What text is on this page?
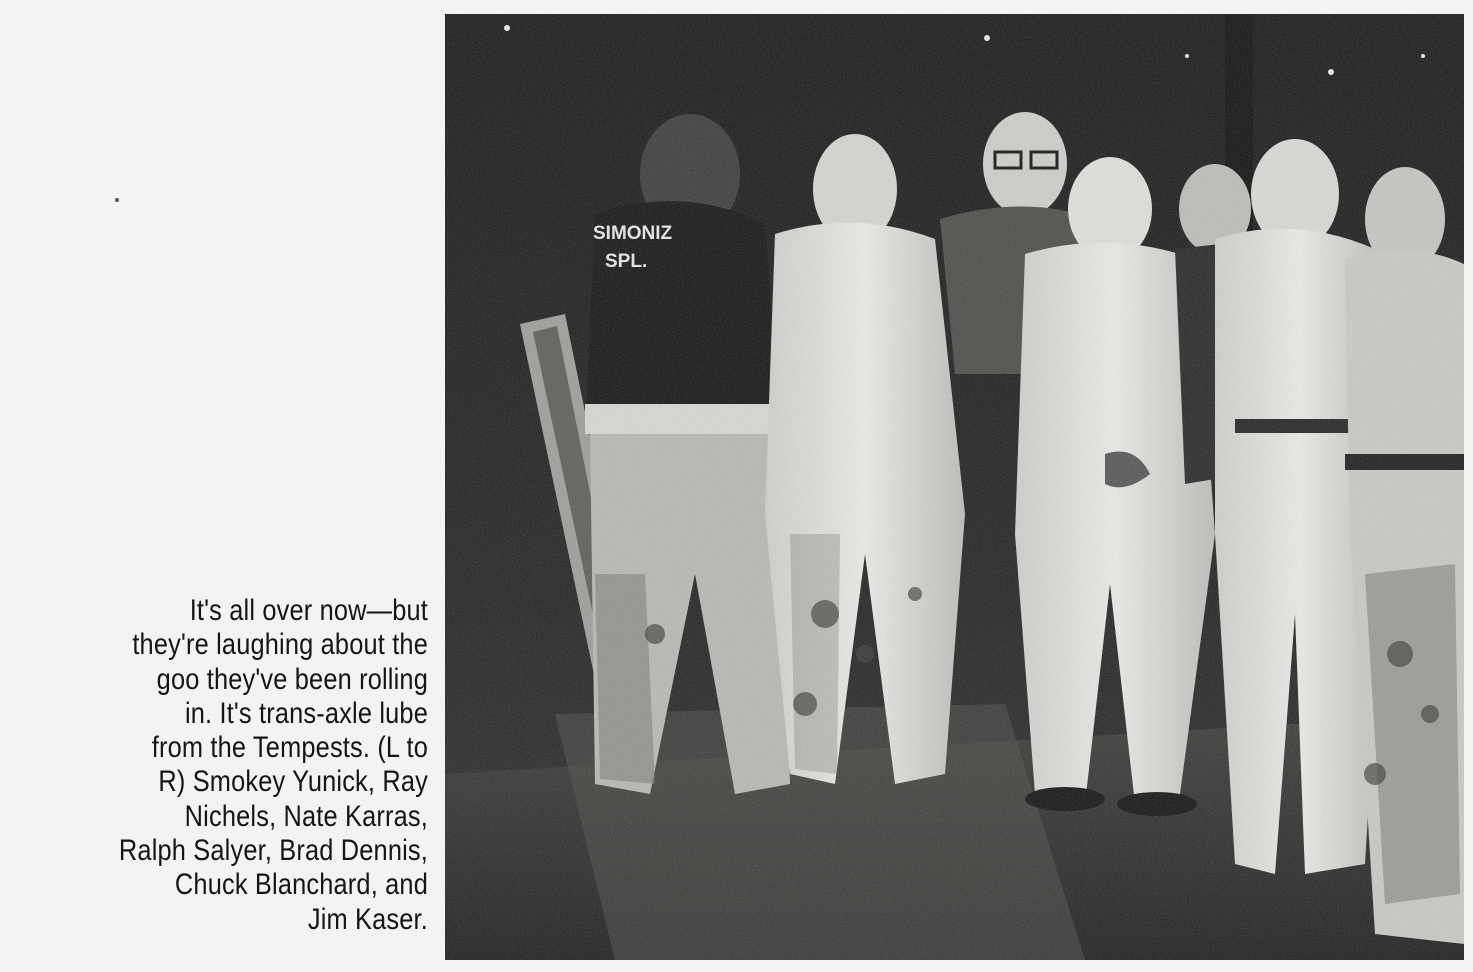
It's all over now—but
they're laughing about the
goo they've been rolling
in. It's trans-axle lube
from the Tempests. (L to
R) Smokey Yunick, Ray
Nichels, Nate Karras,
Ralph Salyer, Brad Dennis,
Chuck Blanchard, and
Jim Kaser.
